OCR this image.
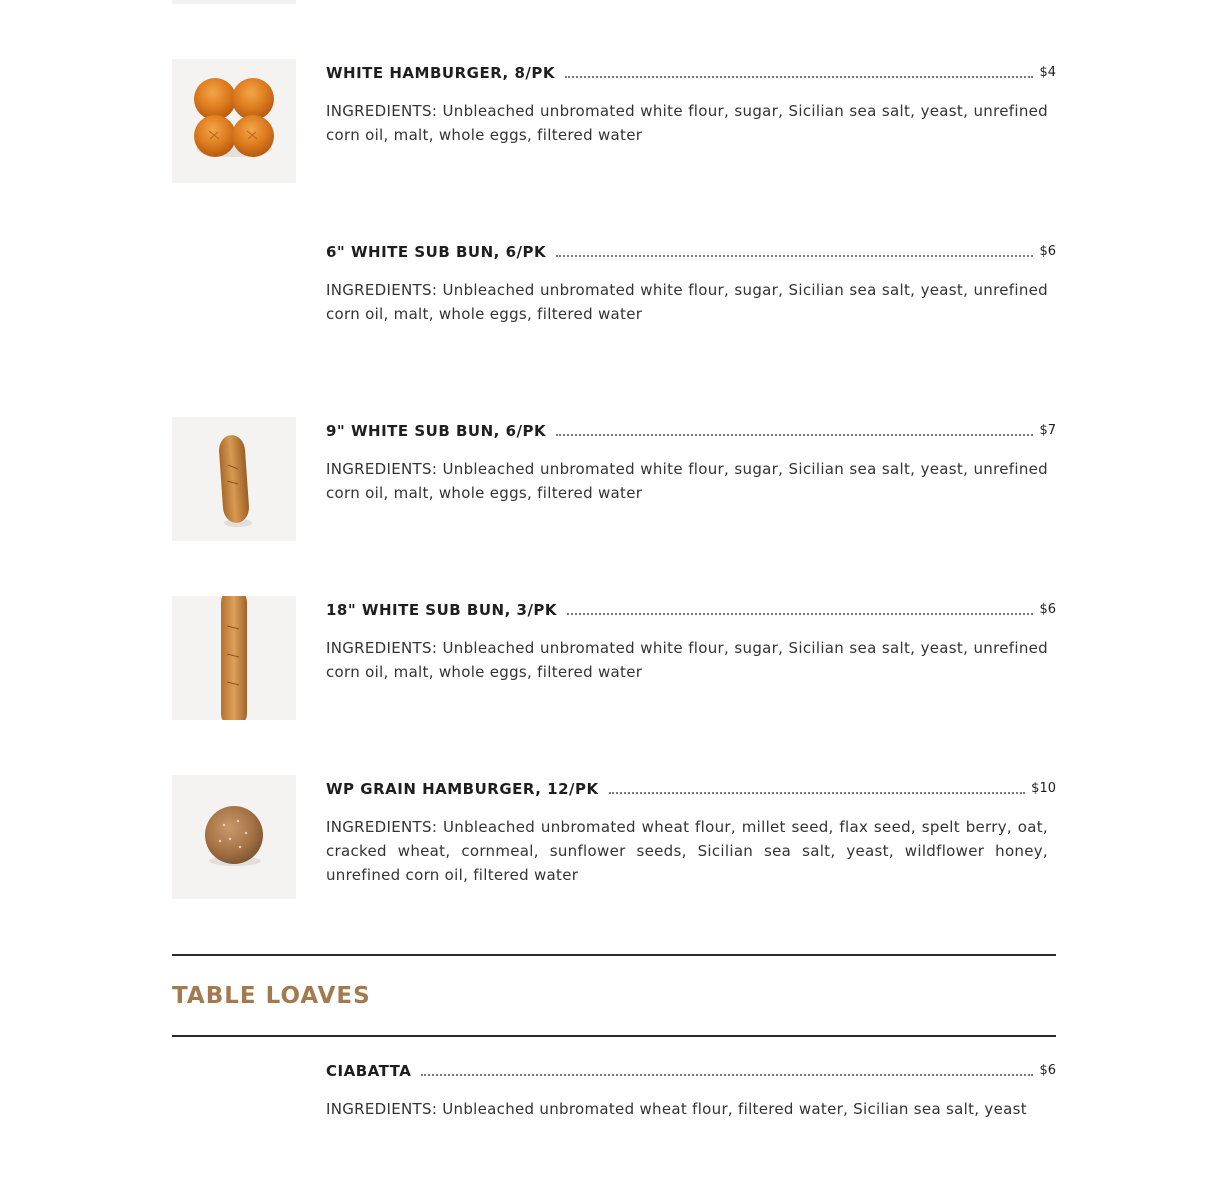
WHITE HAMBURGER, 8/PK	$4
INGREDIENTS: Unbleached unbromated white flour, sugar, Sicilian sea salt, yeast, unrefined corn oil, malt, whole eggs, filtered water
6" WHITE SUB BUN, 6/PK	$6
INGREDIENTS: Unbleached unbromated white flour, sugar, Sicilian sea salt, yeast, unrefined corn oil, malt, whole eggs, filtered water
9" WHITE SUB BUN, 6/PK	$7
INGREDIENTS: Unbleached unbromated white flour, sugar, Sicilian sea salt, yeast, unrefined corn oil, malt, whole eggs, filtered water
18" WHITE SUB BUN, 3/PK	$6
INGREDIENTS: Unbleached unbromated white flour, sugar, Sicilian sea salt, yeast, unrefined corn oil, malt, whole eggs, filtered water
WP GRAIN HAMBURGER, 12/PK	$10
INGREDIENTS: Unbleached unbromated wheat flour, millet seed, flax seed, spelt berry, oat, cracked wheat, cornmeal, sunflower seeds, Sicilian sea salt, yeast, wildflower honey, unrefined corn oil, filtered water
TABLE LOAVES
CIABATTA	$6
INGREDIENTS: Unbleached unbromated wheat flour, filtered water, Sicilian sea salt, yeast
